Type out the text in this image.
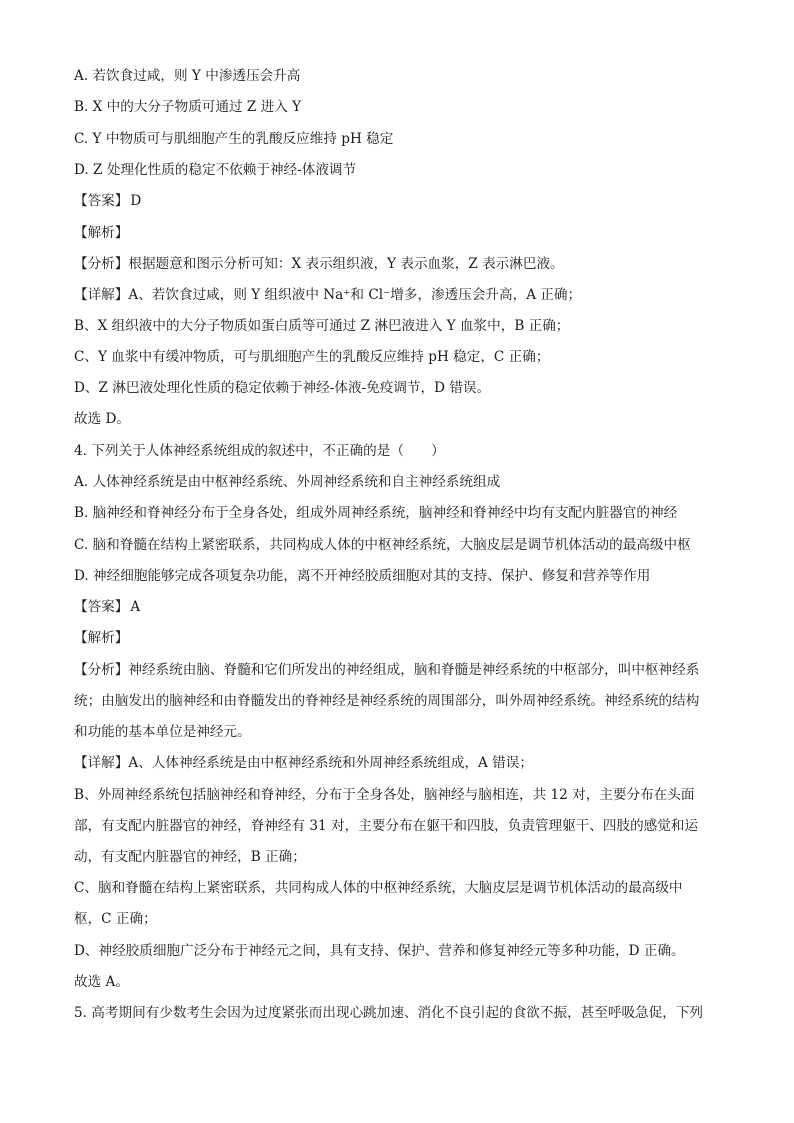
A. 若饮食过咸，则 Y 中渗透压会升高
B. X 中的大分子物质可通过 Z 进入 Y
C. Y 中物质可与肌细胞产生的乳酸反应维持 pH 稳定
D. Z 处理化性质的稳定不依赖于神经-体液调节
【答案】 D
【解析】
【分析】根据题意和图示分析可知：X 表示组织液，Y 表示血浆，Z 表示淋巴液。
【详解】A、若饮食过咸，则 Y 组织液中 Na⁺和 Cl⁻增多，渗透压会升高，A 正确；
B、X 组织液中的大分子物质如蛋白质等可通过 Z 淋巴液进入 Y 血浆中，B 正确；
C、Y 血浆中有缓冲物质，可与肌细胞产生的乳酸反应维持 pH 稳定，C 正确；
D、Z 淋巴液处理化性质的稳定依赖于神经-体液-免疫调节，D 错误。
故选 D。
4. 下列关于人体神经系统组成的叙述中，不正确的是（　　）
A. 人体神经系统是由中枢神经系统、外周神经系统和自主神经系统组成
B. 脑神经和脊神经分布于全身各处，组成外周神经系统，脑神经和脊神经中均有支配内脏器官的神经
C. 脑和脊髓在结构上紧密联系，共同构成人体的中枢神经系统，大脑皮层是调节机体活动的最高级中枢
D. 神经细胞能够完成各项复杂功能，离不开神经胶质细胞对其的支持、保护、修复和营养等作用
【答案】 A
【解析】
【分析】神经系统由脑、脊髓和它们所发出的神经组成，脑和脊髓是神经系统的中枢部分，叫中枢神经系
统；由脑发出的脑神经和由脊髓发出的脊神经是神经系统的周围部分，叫外周神经系统。神经系统的结构
和功能的基本单位是神经元。
【详解】A、人体神经系统是由中枢神经系统和外周神经系统组成，A 错误；
B、外周神经系统包括脑神经和脊神经，分布于全身各处，脑神经与脑相连，共 12 对，主要分布在头面
部，有支配内脏器官的神经，脊神经有 31 对，主要分布在躯干和四肢，负责管理躯干、四肢的感觉和运
动，有支配内脏器官的神经，B 正确；
C、脑和脊髓在结构上紧密联系，共同构成人体的中枢神经系统，大脑皮层是调节机体活动的最高级中
枢，C 正确；
D、神经胶质细胞广泛分布于神经元之间，具有支持、保护、营养和修复神经元等多种功能，D 正确。
故选 A。
5. 高考期间有少数考生会因为过度紧张而出现心跳加速、消化不良引起的食欲不振，甚至呼吸急促，下列
